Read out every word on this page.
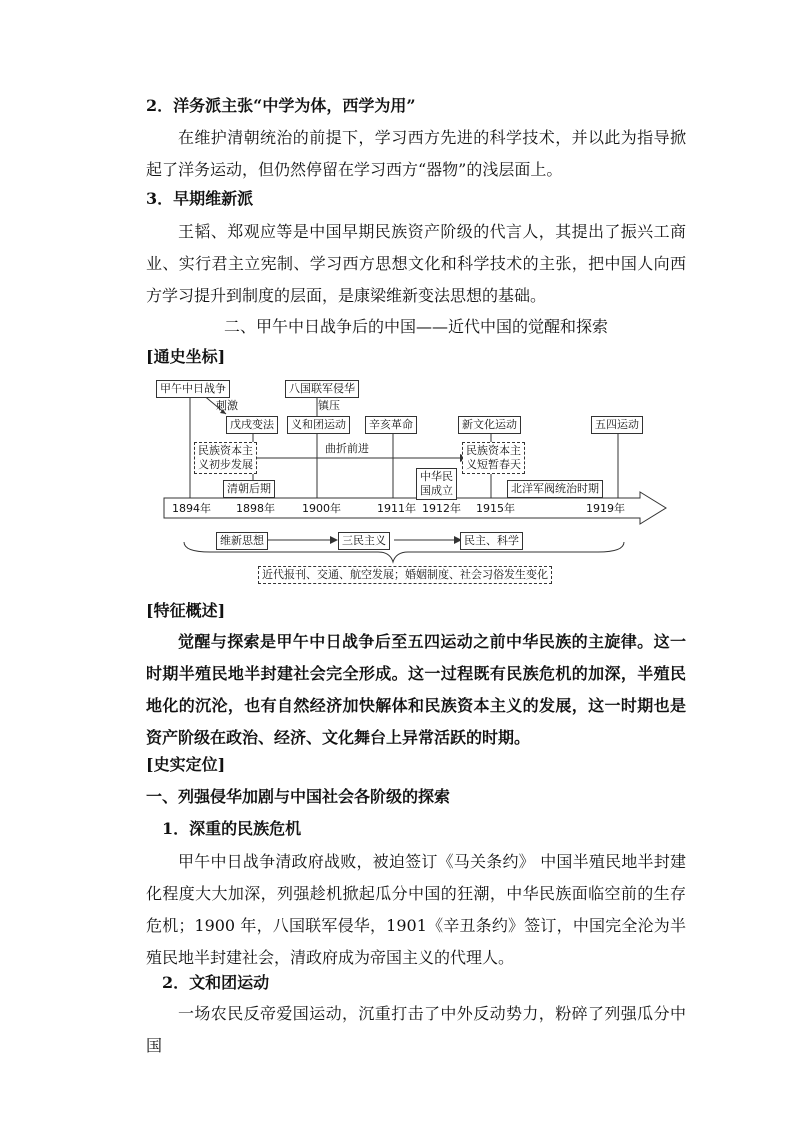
2．洋务派主张“中学为体，西学为用”
在维护清朝统治的前提下，学习西方先进的科学技术，并以此为指导掀起了洋务运动，但仍然停留在学习西方“器物”的浅层面上。
3．早期维新派
王韬、郑观应等是中国早期民族资产阶级的代言人，其提出了振兴工商业、实行君主立宪制、学习西方思想文化和科学技术的主张，把中国人向西方学习提升到制度的层面，是康梁维新变法思想的基础。
二、甲午中日战争后的中国——近代中国的觉醒和探索
[通史坐标]
甲午中日战争
刺激
八国联军侵华
镇压
戊戌变法	义和团运动	辛亥革命	新文化运动	五四运动
民族资本主
义初步发展
曲折前进	民族资本主
义短暂春天
中华民
国成立
清朝后期	北洋军阀统治时期
1894年 1898年 1900年	1911年 1912年 1915年	1919年
维新思想	三民主义	民主、科学
近代报刊、交通、航空发展；婚姻制度、社会习俗发生变化
[特征概述]
觉醒与探索是甲午中日战争后至五四运动之前中华民族的主旋律。这一时期半殖民地半封建社会完全形成。这一过程既有民族危机的加深，半殖民地化的沉沦，也有自然经济加快解体和民族资本主义的发展，这一时期也是资产阶级在政治、经济、文化舞台上异常活跃的时期。
[史实定位]
一、列强侵华加剧与中国社会各阶级的探索
1．深重的民族危机
甲午中日战争清政府战败，被迫签订《马关条约》 中国半殖民地半封建化程度大大加深，列强趁机掀起瓜分中国的狂潮，中华民族面临空前的生存危机；1900 年，八国联军侵华，1901《辛丑条约》签订，中国完全沦为半殖民地半封建社会，清政府成为帝国主义的代理人。
2．文和团运动
一场农民反帝爱国运动，沉重打击了中外反动势力，粉碎了列强瓜分中国
